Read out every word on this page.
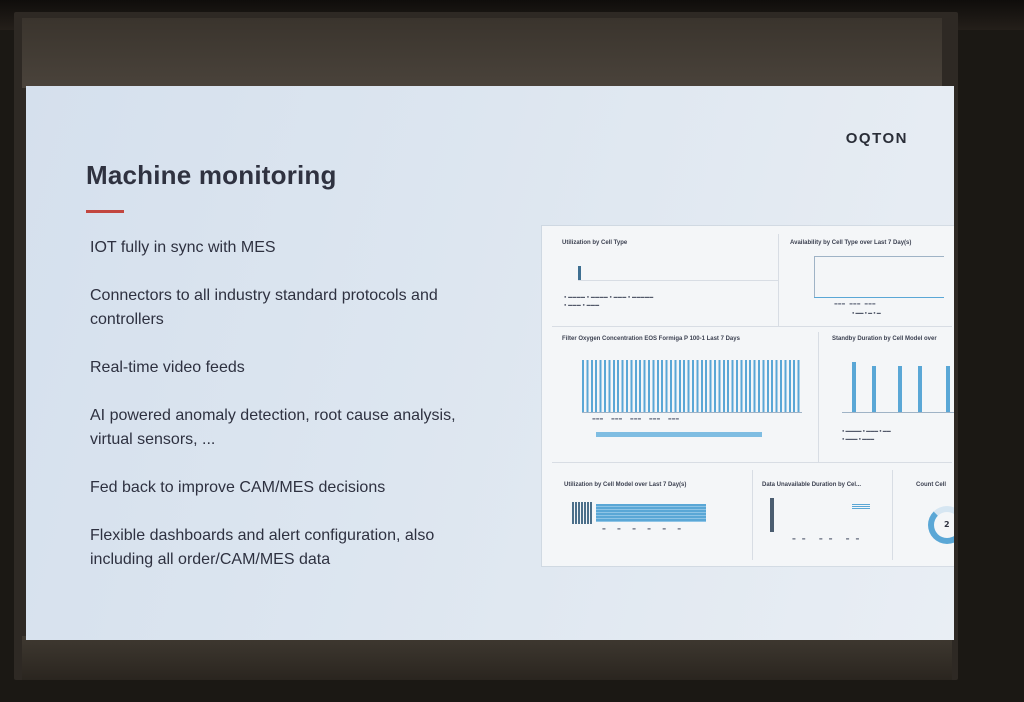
OQTON
Machine monitoring
IOT fully in sync with MES
Connectors to all industry standard protocols and controllers
Real-time video feeds
AI powered anomaly detection, root cause analysis, virtual sensors, ...
Fed back to improve CAM/MES decisions
Flexible dashboards and alert configuration, also including all order/CAM/MES data
Utilization by Cell Type
● ▬▬▬▬ ● ▬▬▬▬ ● ▬▬▬ ● ▬▬▬▬▬
● ▬▬▬ ● ▬▬▬
Availability by Cell Type over Last 7 Day(s)
▬▬▬   ▬▬▬   ▬▬▬
● ▬▬ ● ▬ ● ▬
Filter Oxygen Concentration EOS Formiga P 100-1 Last 7 Days
▬▬▬      ▬▬▬      ▬▬▬      ▬▬▬      ▬▬▬
Standby Duration by Cell Model over
● ▬▬▬▬ ● ▬▬▬ ● ▬▬
● ▬▬▬ ● ▬▬▬
Utilization by Cell Model over Last 7 Day(s)
▬ ▬ ▬ ▬ ▬ ▬
Data Unavailable Duration by Cel...
▬▬ ▬▬ ▬▬
Count Cell
2
